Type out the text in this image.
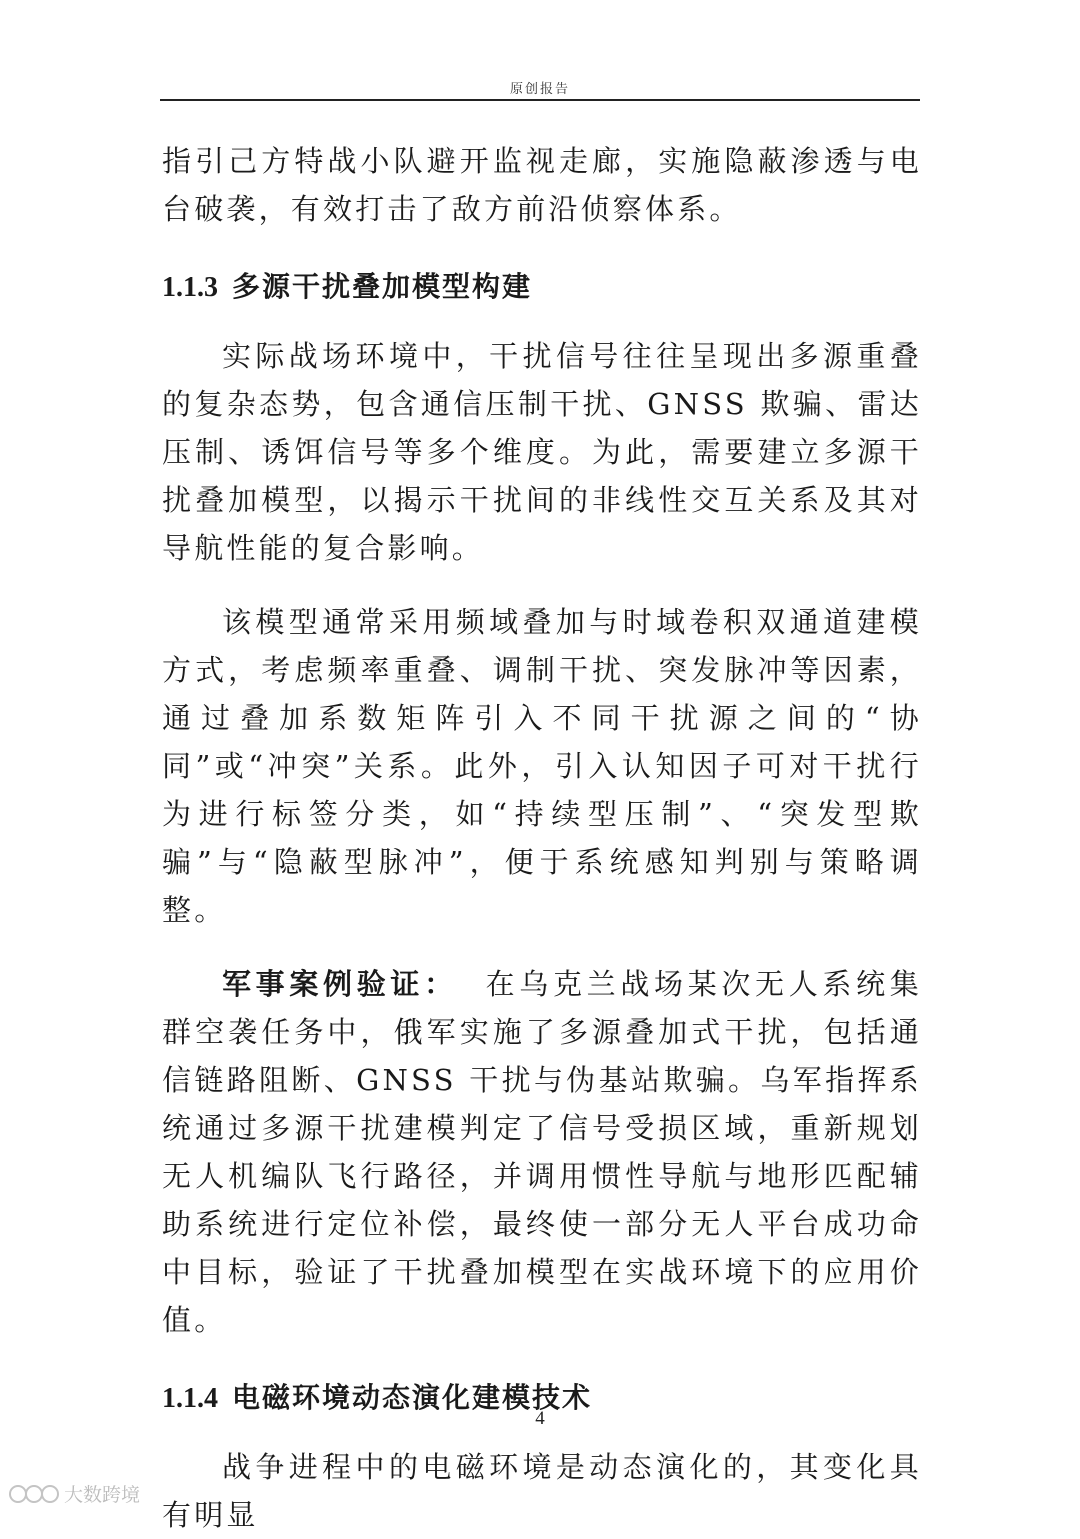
原创报告

指引己方特战小队避开监视走廊，实施隐蔽渗透与电台破袭，有效打击了敌方前沿侦察体系。

1.1.3 多源干扰叠加模型构建

实际战场环境中，干扰信号往往呈现出多源重叠的复杂态势，包含通信压制干扰、GNSS 欺骗、雷达压制、诱饵信号等多个维度。为此，需要建立多源干扰叠加模型，以揭示干扰间的非线性交互关系及其对导航性能的复合影响。

该模型通常采用频域叠加与时域卷积双通道建模方式，考虑频率重叠、调制干扰、突发脉冲等因素，通过叠加系数矩阵引入不同干扰源之间的“协同”或“冲突”关系。此外，引入认知因子可对干扰行为进行标签分类，如“持续型压制”、“突发型欺骗”与“隐蔽型脉冲”，便于系统感知判别与策略调整。

军事案例验证： 在乌克兰战场某次无人系统集群空袭任务中，俄军实施了多源叠加式干扰，包括通信链路阻断、GNSS 干扰与伪基站欺骗。乌军指挥系统通过多源干扰建模判定了信号受损区域，重新规划无人机编队飞行路径，并调用惯性导航与地形匹配辅助系统进行定位补偿，最终使一部分无人平台成功命中目标，验证了干扰叠加模型在实战环境下的应用价值。

1.1.4 电磁环境动态演化建模技术

战争进程中的电磁环境是动态演化的，其变化具有明显

4
大数跨境
